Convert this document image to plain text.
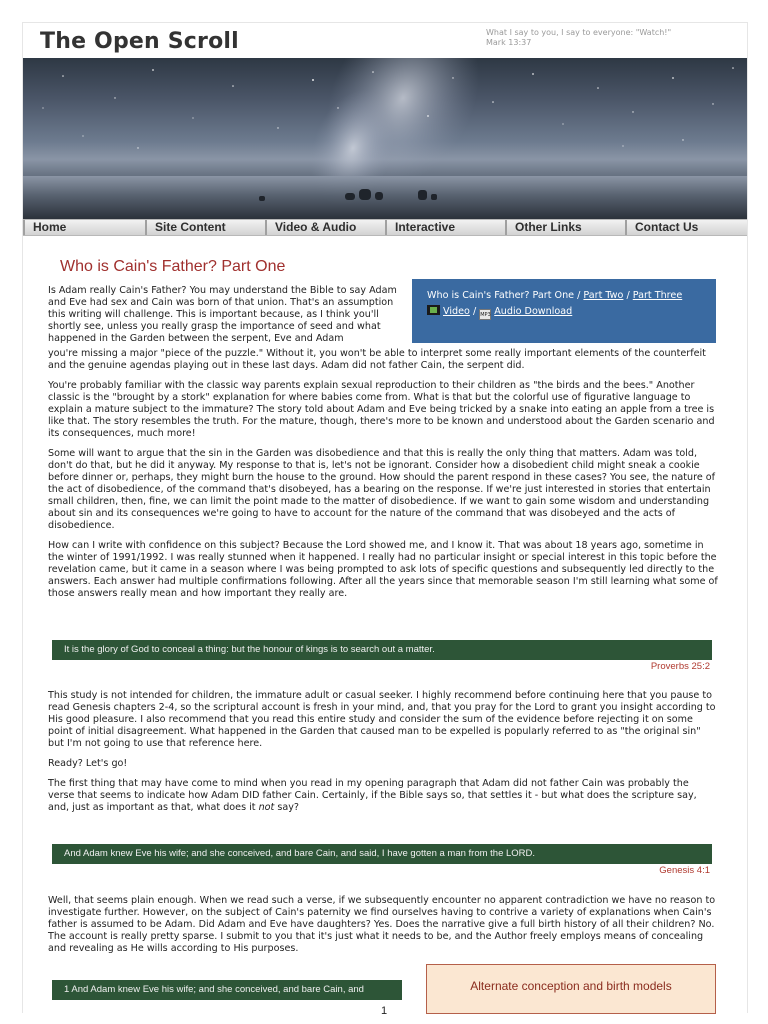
The Open Scroll	What I say to you, I say to everyone: "Watch!"
Mark 13:37
Home	Site Content	Video & Audio	Interactive	Other Links	Contact Us
Who is Cain's Father? Part One
Who is Cain's Father? Part One / Part Two / Part Three
Video / MP3 Audio Download

Is Adam really Cain's Father? You may understand the Bible to say Adam and Eve had sex and Cain was born of that union. That's an assumption this writing will challenge. This is important because, as I think you'll shortly see, unless you really grasp the importance of seed and what happened in the Garden between the serpent, Eve and Adam

you're missing a major "piece of the puzzle." Without it, you won't be able to interpret some really important elements of the counterfeit and the genuine agendas playing out in these last days. Adam did not father Cain, the serpent did.

You're probably familiar with the classic way parents explain sexual reproduction to their children as "the birds and the bees." Another classic is the "brought by a stork" explanation for where babies come from. What is that but the colorful use of figurative language to explain a mature subject to the immature? The story told about Adam and Eve being tricked by a snake into eating an apple from a tree is like that. The story resembles the truth. For the mature, though, there's more to be known and understood about the Garden scenario and its consequences, much more!

Some will want to argue that the sin in the Garden was disobedience and that this is really the only thing that matters. Adam was told, don't do that, but he did it anyway. My response to that is, let's not be ignorant. Consider how a disobedient child might sneak a cookie before dinner or, perhaps, they might burn the house to the ground. How should the parent respond in these cases? You see, the nature of the act of disobedience, of the command that's disobeyed, has a bearing on the response. If we're just interested in stories that entertain small children, then, fine, we can limit the point made to the matter of disobedience. If we want to gain some wisdom and understanding about sin and its consequences we're going to have to account for the nature of the command that was disobeyed and the acts of disobedience.

How can I write with confidence on this subject? Because the Lord showed me, and I know it. That was about 18 years ago, sometime in the winter of 1991/1992. I was really stunned when it happened. I really had no particular insight or special interest in this topic before the revelation came, but it came in a season where I was being prompted to ask lots of specific questions and subsequently led directly to the answers. Each answer had multiple confirmations following. After all the years since that memorable season I'm still learning what some of those answers really mean and how important they really are.

It is the glory of God to conceal a thing: but the honour of kings is to search out a matter.
Proverbs 25:2

This study is not intended for children, the immature adult or casual seeker. I highly recommend before continuing here that you pause to read Genesis chapters 2-4, so the scriptural account is fresh in your mind, and, that you pray for the Lord to grant you insight according to His good pleasure. I also recommend that you read this entire study and consider the sum of the evidence before rejecting it on some point of initial disagreement. What happened in the Garden that caused man to be expelled is popularly referred to as "the original sin" but I'm not going to use that reference here.

Ready? Let's go!

The first thing that may have come to mind when you read in my opening paragraph that Adam did not father Cain was probably the verse that seems to indicate how Adam DID father Cain. Certainly, if the Bible says so, that settles it - but what does the scripture say, and, just as important as that, what does it not say?

And Adam knew Eve his wife; and she conceived, and bare Cain, and said, I have gotten a man from the LORD.
Genesis 4:1

Well, that seems plain enough. When we read such a verse, if we subsequently encounter no apparent contradiction we have no reason to investigate further. However, on the subject of Cain's paternity we find ourselves having to contrive a variety of explanations when Cain's father is assumed to be Adam. Did Adam and Eve have daughters? Yes. Does the narrative give a full birth history of all their children? No. The account is really pretty sparse. I submit to you that it's just what it needs to be, and the Author freely employs means of concealing and revealing as He wills according to His purposes.

1 And Adam knew Eve his wife; and she conceived, and bare Cain, and	Alternate conception and birth models
1
